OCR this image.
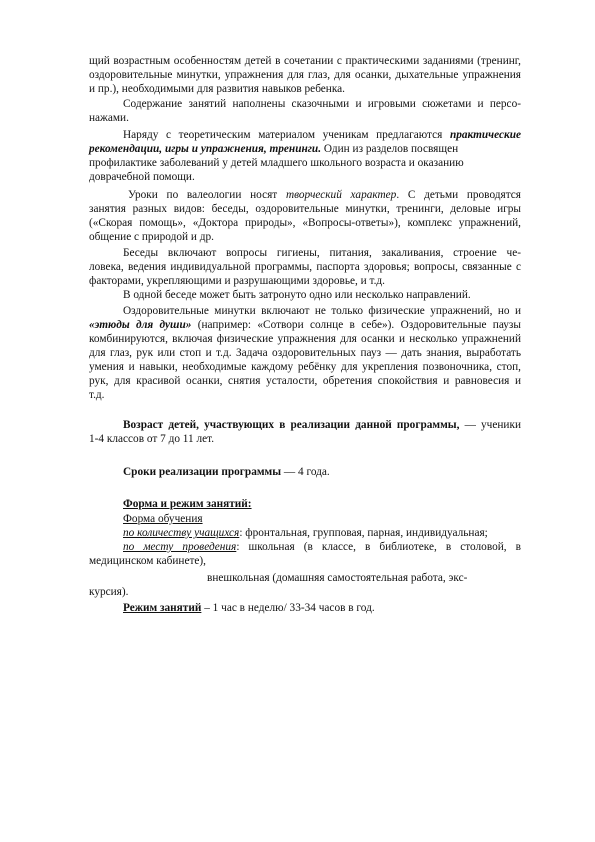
щий возрастным особенностям детей в сочетании с практическими заданиями (тренинг,

оздоровительные минутки, упражнения для глаз, для осанки, дыхательные упражнения

и пр.), необходимыми для развития навыков ребенка.

Содержание занятий наполнены сказочными и игровыми сюжетами и персо-

нажами.

Наряду с теоретическим материалом ученикам предлагаются практические

рекомендации, игры и упражнения, тренинги. Один из разделов посвящен

профилактике заболеваний у детей младшего школьного возраста и оказанию

доврачебной помощи.

Уроки по валеологии носят творческий характер. С детьми проводятся

занятия разных видов: беседы, оздоровительные минутки, тренинги, деловые игры

(«Скорая помощь», «Доктора природы», «Вопросы-ответы»), комплекс упражнений,

общение с природой и др.

Беседы включают вопросы гигиены, питания, закаливания, строение че-

ловека, ведения индивидуальной программы, паспорта здоровья; вопросы, связанные с

факторами, укрепляющими и разрушающими здоровье, и т.д.

В одной беседе может быть затронуто одно или несколько направлений.

Оздоровительные минутки включают не только физические упражнений, но и

«этюды для души» (например: «Сотвори солнце в себе»). Оздоровительные паузы

комбинируются, включая физические упражнения для осанки и несколько упражнений

для глаз, рук или стоп и т.д. Задача оздоровительных пауз — дать знания, выработать

умения и навыки, необходимые каждому ребёнку для укрепления позвоночника, стоп,

рук, для красивой осанки, снятия усталости, обретения спокойствия и равновесия и

т.д.

Возраст детей, участвующих в реализации данной программы, — ученики

1-4 классов от 7 до 11 лет.

Сроки реализации программы — 4 года.

Форма и режим занятий:

Форма обучения

по количеству учащихся: фронтальная, групповая, парная, индивидуальная;

по месту проведения: школьная (в классе, в библиотеке, в столовой, в

медицинском кабинете),

внешкольная (домашняя самостоятельная работа, экс-

курсия).

Режим занятий – 1 час в неделю/ 33-34 часов в год.
